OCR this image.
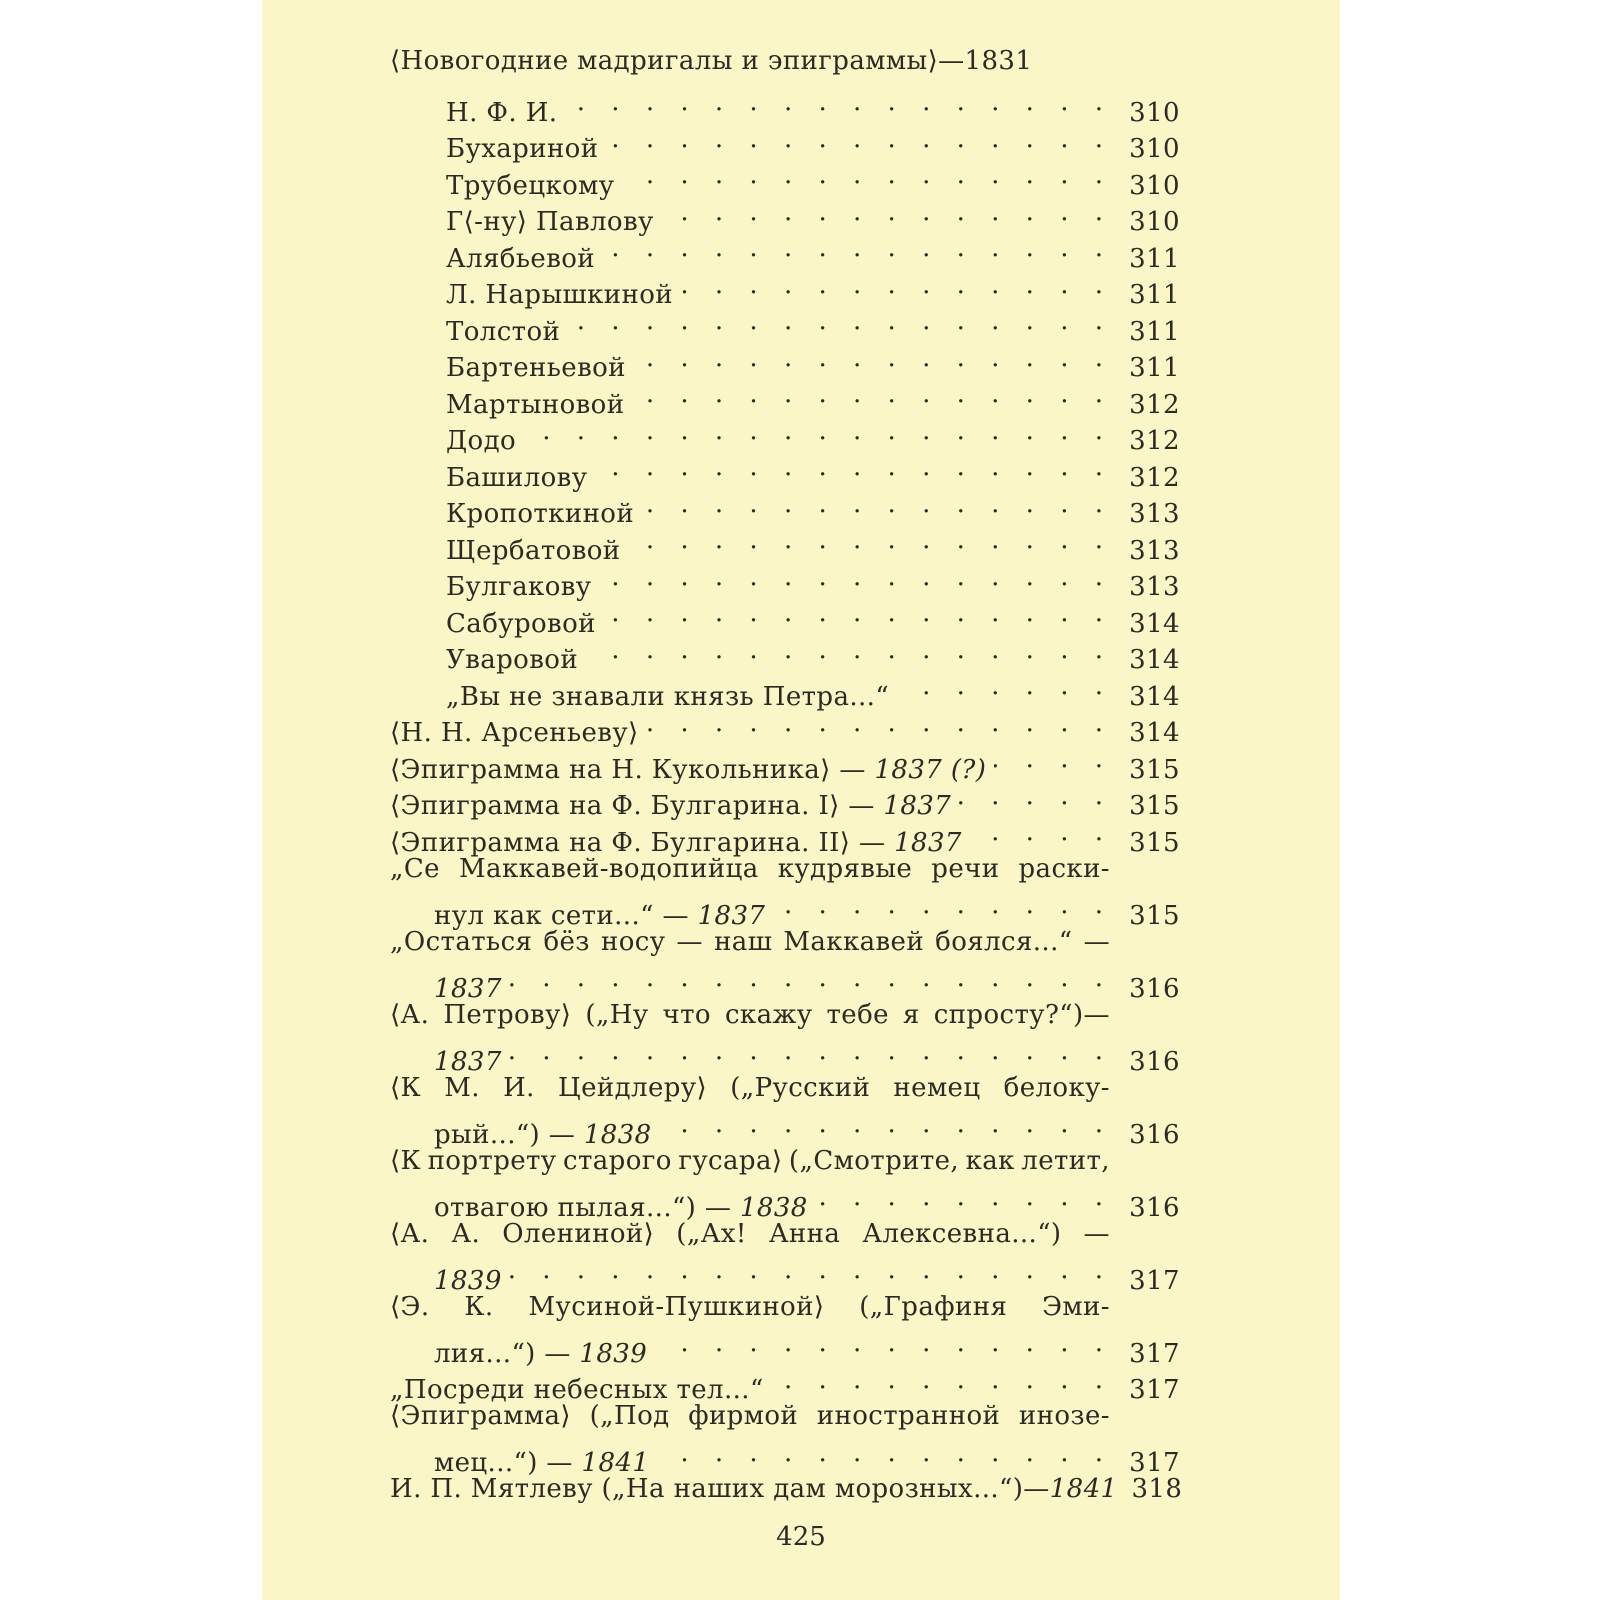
⟨Новогодние мадригалы и эпиграммы⟩—1831
Н. Ф. И. . . .	310
Бухариной . . .	310
Трубецкому . . .	310
Г⟨-ну⟩ Павлову . . .	310
Алябьевой . . .	311
Л. Нарышкиной . . .	311
Толстой . . .	311
Бартеньевой . . .	311
Мартыновой . . .	312
Додо . . .	312
Башилову . . .	312
Кропоткиной . . .	313
Щербатовой . . .	313
Булгакову . . .	313
Сабуровой . . .	314
Уваровой . . .	314
„Вы не знавали князь Петра...“ . . .	314
⟨Н. Н. Арсеньеву⟩ . . .	314
⟨Эпиграмма на Н. Кукольника⟩ — 1837 (?) . . .	315
⟨Эпиграмма на Ф. Булгарина. I⟩ — 1837 . . .	315
⟨Эпиграмма на Ф. Булгарина. II⟩ — 1837 . . .	315
„Се Маккавей-водопийца кудрявые речи раски-
нул как сети...“ — 1837 . . .	315
„Остаться бёз носу — наш Маккавей боялся...“ —
1837 . . .	316
⟨А. Петрову⟩ („Ну что скажу тебе я спросту?“)—
1837 . . .	316
⟨К М. И. Цейдлеру⟩ („Русский немец белоку-
рый...“) — 1838 . . .	316
⟨К портрету старого гусара⟩ („Смотрите, как летит,
отвагою пылая...“) — 1838 . . .	316
⟨А. А. Олениной⟩ („Ах! Анна Алексевна...“) —
1839 . . .	317
⟨Э. К. Мусиной-Пушкиной⟩ („Графиня Эми-
лия...“) — 1839 . . .	317
„Посреди небесных тел...“ . . .	317
⟨Эпиграмма⟩ („Под фирмой иностранной инозе-
мец...“) — 1841 . . .	317
И. П. Мятлеву („На наших дам морозных...“)—1841 318
425
